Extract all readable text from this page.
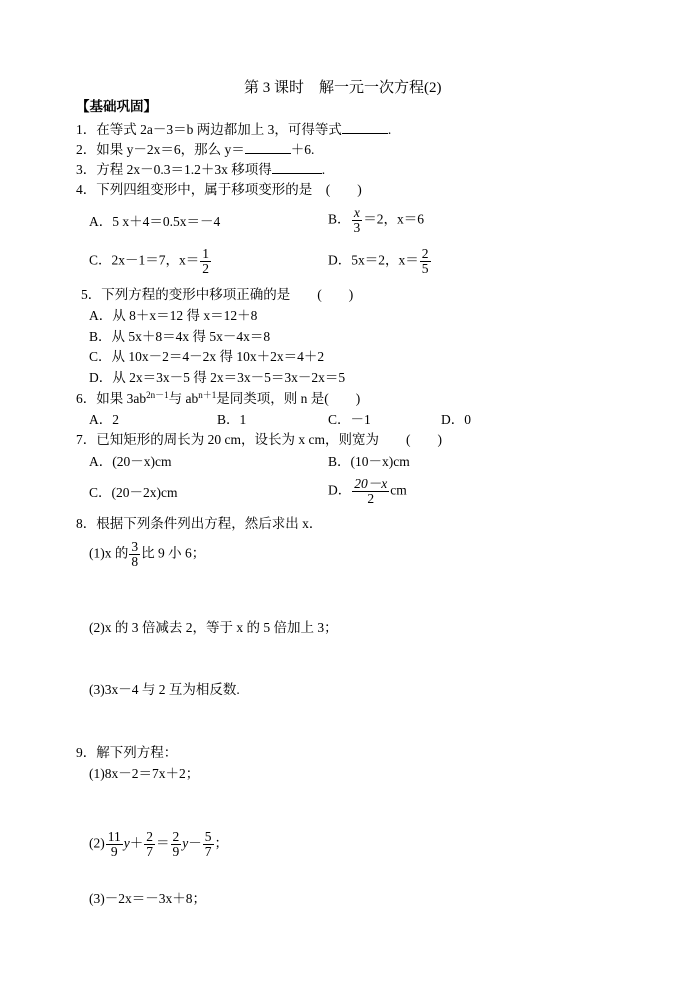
第 3 课时　解一元一次方程(2)
【基础巩固】
1．在等式 2a－3＝b 两边都加上 3，可得等式	.
2．如果 y－2x＝6，那么 y＝	＋6.
3．方程 2x－0.3＝1.2＋3x 移项得	.
4．下列四组变形中，属于移项变形的是　(　　)
A．5 x＋4＝0.5x＝－4	B． $\frac{x}{3} =2$，x＝6
C．2x－1＝7，$x= \frac{1}{2}$	D．5x＝2，$x= \frac{2}{5}$
5．下列方程的变形中移项正确的是　　(　　)
A．从 8＋x＝12 得 x＝12＋8
B．从 5x＋8＝4x 得 5x－4x＝8
C．从 10x－2＝4－2x 得 10x＋2x＝4＋2
D．从 2x＝3x－5 得 2x＝3x－5＝3x－2x＝5
6．如果 $3ab^{2n-1}$与 $ab^{n+1}$是同类项，则 n 是(　　)
A．2	B．1	C．－1	D．0
7．已知矩形的周长为 20 cm，设长为 x cm，则宽为　　(　　)
A．(20－x)cm	B．(10－x)cm
C．(20－2x)cm	D． $\frac{20-x}{2}$ cm
8．根据下列条件列出方程，然后求出 x．
(1)x 的 $\frac{3}{8}$ 比 9 小 6；
(2)x 的 3 倍减去 2，等于 x 的 5 倍加上 3；
(3)3x－4 与 2 互为相反数.
9．解下列方程：
(1)8x－2＝7x＋2；
$(2) \frac{11}{9} y+ \frac{2}{7} = \frac{2}{9} y- \frac{5}{7}$ ；
(3)－2x＝－3x＋8；
